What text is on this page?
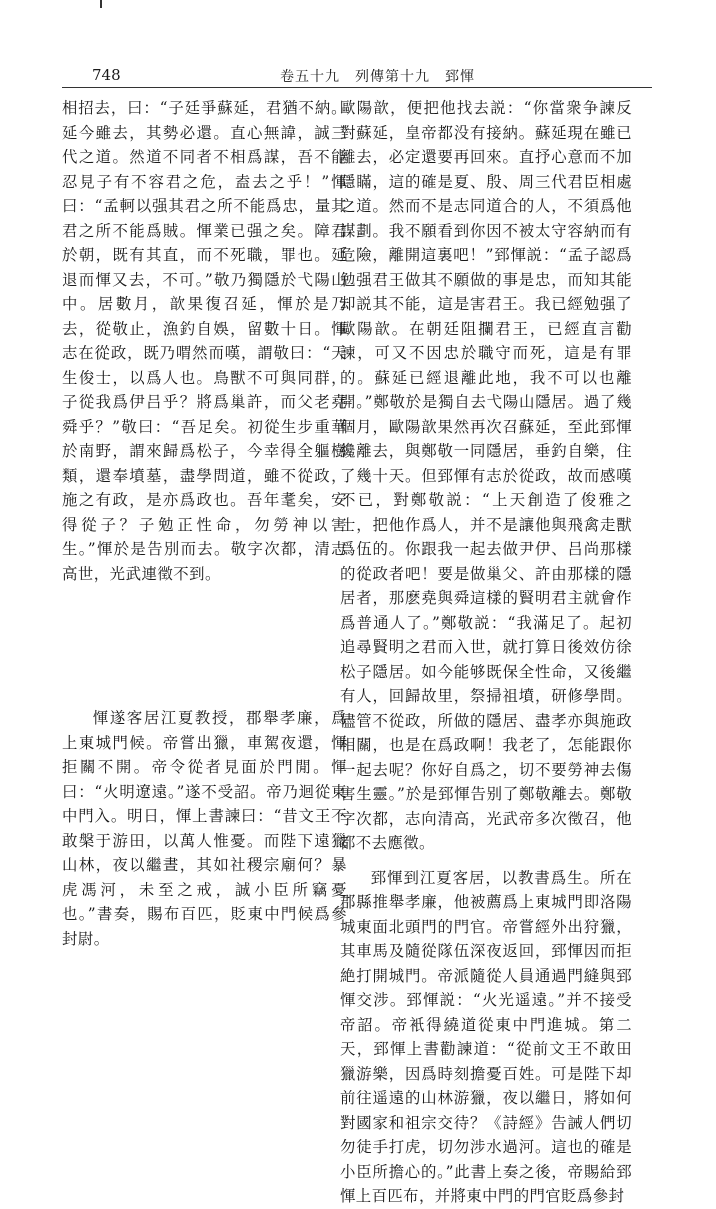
748	卷五十九　列傳第十九　郅惲

相招去，曰：“子廷爭蘇延，君猶不納。延今雖去，其勢必還。直心無諱，誠三代之道。然道不同者不相爲謀，吾不能忍見子有不容君之危，盍去之乎！”惲曰：“孟軻以强其君之所不能爲忠，量其君之所不能爲賊。惲業已强之矣。障君於朝，既有其直，而不死職，罪也。延退而惲又去，不可。”敬乃獨隱於弋陽山中。居數月，歆果復召延，惲於是乃去，從敬止，漁釣自娛，留數十日。惲志在從政，既乃喟然而嘆，謂敬曰：“天生俊士，以爲人也。鳥獸不可與同群，子從我爲伊吕乎？將爲巢許，而父老堯舜乎？”敬曰：“吾足矣。初從生步重華於南野，謂來歸爲松子，今幸得全軀樹類，還奉墳墓，盡學問道，雖不從政，施之有政，是亦爲政也。吾年耄矣，安得從子？子勉正性命，勿勞神以害生。”惲於是告別而去。敬字次都，清志高世，光武連徵不到。

惲遂客居江夏教授，郡舉孝廉，爲上東城門候。帝嘗出獵，車駕夜還，惲拒關不開。帝令從者見面於門閒。惲曰：“火明遼遠。”遂不受詔。帝乃迴從東中門入。明日，惲上書諫曰：“昔文王不敢槃于游田，以萬人惟憂。而陛下遠獵山林，夜以繼晝，其如社稷宗廟何？暴虎馮河，未至之戒，誠小臣所竊憂也。”書奏，賜布百匹，貶東中門候爲參封尉。

歐陽歆，便把他找去説：“你當衆争諫反對蘇延，皇帝都没有接納。蘇延現在雖已離去，必定還要再回來。直抒心意而不加隱瞞，這的確是夏、殷、周三代君臣相處之道。然而不是志同道合的人，不須爲他謀劃。我不願看到你因不被太守容納而有危險，離開這裏吧！”郅惲説：“孟子認爲勉强君王做其不願做的事是忠，而知其能却説其不能，這是害君王。我已經勉强了歐陽歆。在朝廷阻攔君王，已經直言勸諫，可又不因忠於職守而死，這是有罪的。蘇延已經退離此地，我不可以也離開。”鄭敬於是獨自去弋陽山隱居。過了幾個月，歐陽歆果然再次召蘇延，至此郅惲纔離去，與鄭敬一同隱居，垂釣自樂，住了幾十天。但郅惲有志於從政，故而感嘆不已，對鄭敬説：“上天創造了俊雅之士，把他作爲人，并不是讓他與飛禽走獸爲伍的。你跟我一起去做尹伊、吕尚那樣的從政者吧！要是做巢父、許由那樣的隱居者，那麽堯與舜這樣的賢明君主就會作爲普通人了。”鄭敬説：“我滿足了。起初追尋賢明之君而入世，就打算日後效仿徐松子隱居。如今能够既保全性命，又後繼有人，回歸故里，祭掃祖墳，研修學問。儘管不從政，所做的隱居、盡孝亦與施政相關，也是在爲政啊！我老了，怎能跟你一起去呢？你好自爲之，切不要勞神去傷害生靈。”於是郅惲告别了鄭敬離去。鄭敬字次都，志向清高，光武帝多次徵召，他都不去應徵。

郅惲到江夏客居，以教書爲生。所在郡縣推舉孝廉，他被薦爲上東城門即洛陽城東面北頭門的門官。帝嘗經外出狩獵，其車馬及隨從隊伍深夜返回，郅惲因而拒絶打開城門。帝派隨從人員通過門縫與郅惲交涉。郅惲説：“火光遥遠。”并不接受帝詔。帝衹得繞道從東中門進城。第二天，郅惲上書勸諫道：“從前文王不敢田獵游樂，因爲時刻擔憂百姓。可是陛下却前往遥遠的山林游獵，夜以繼日，將如何對國家和祖宗交待？《詩經》告誡人們切勿徒手打虎，切勿涉水過河。這也的確是小臣所擔心的。”此書上奏之後，帝賜給郅惲上百匹布，并將東中門的門官貶爲參封
